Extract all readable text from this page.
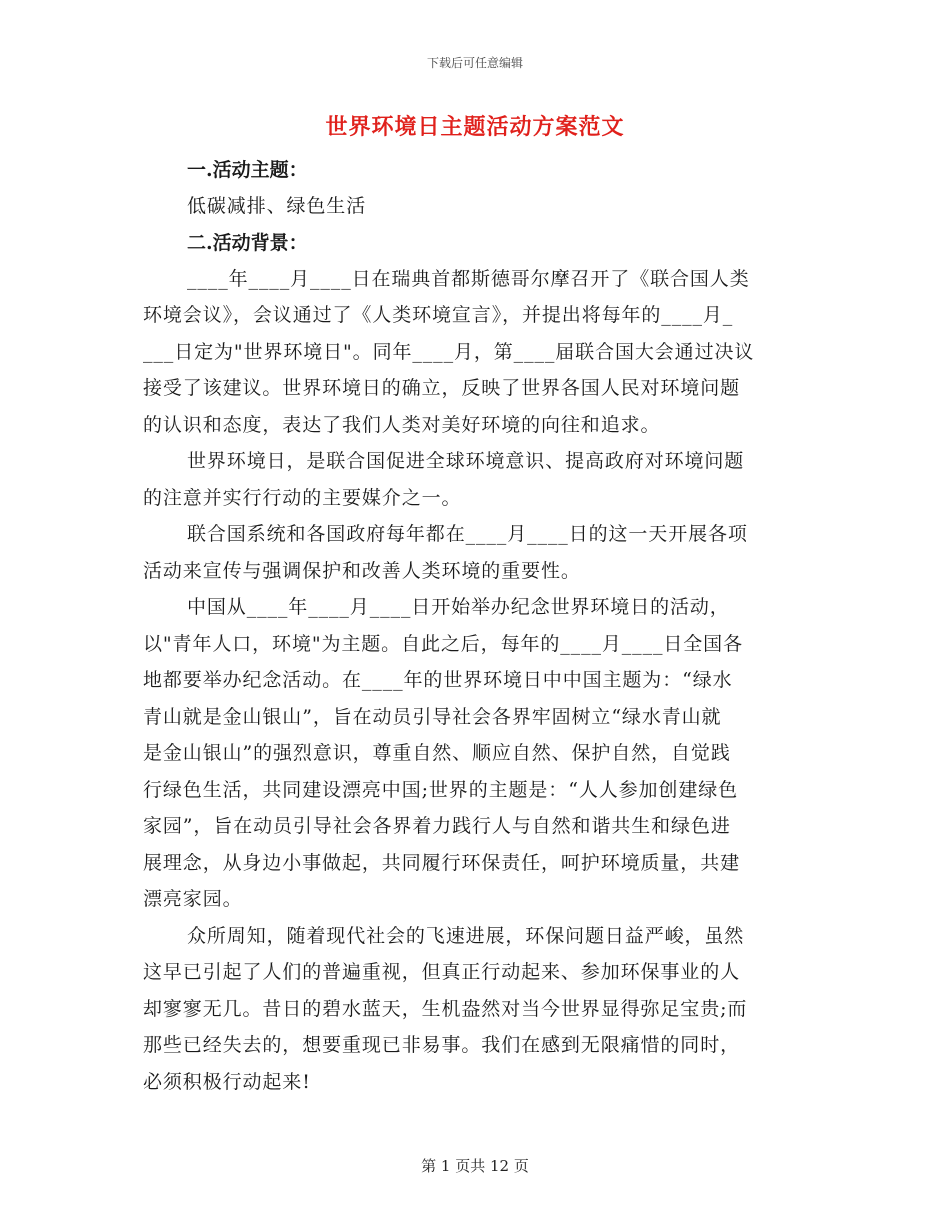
下载后可任意编辑
世界环境日主题活动方案范文

一.活动主题：

低碳减排、绿色生活

二.活动背景：

____年____月____日在瑞典首都斯德哥尔摩召开了《联合国人类

环境会议》，会议通过了《人类环境宣言》，并提出将每年的____月_

___日定为"世界环境日"。同年____月，第____届联合国大会通过决议

接受了该建议。世界环境日的确立，反映了世界各国人民对环境问题

的认识和态度，表达了我们人类对美好环境的向往和追求。

世界环境日，是联合国促进全球环境意识、提高政府对环境问题

的注意并实行行动的主要媒介之一。

联合国系统和各国政府每年都在____月____日的这一天开展各项

活动来宣传与强调保护和改善人类环境的重要性。

中国从____年____月____日开始举办纪念世界环境日的活动，

以"青年人口，环境"为主题。自此之后，每年的____月____日全国各

地都要举办纪念活动。在____年的世界环境日中中国主题为：“绿水

青山就是金山银山”，旨在动员引导社会各界牢固树立“绿水青山就

是金山银山”的强烈意识，尊重自然、顺应自然、保护自然，自觉践

行绿色生活，共同建设漂亮中国;世界的主题是：“人人参加创建绿色

家园”，旨在动员引导社会各界着力践行人与自然和谐共生和绿色进

展理念，从身边小事做起，共同履行环保责任，呵护环境质量，共建

漂亮家园。

众所周知，随着现代社会的飞速进展，环保问题日益严峻，虽然

这早已引起了人们的普遍重视，但真正行动起来、参加环保事业的人

却寥寥无几。昔日的碧水蓝天，生机盎然对当今世界显得弥足宝贵;而

那些已经失去的，想要重现已非易事。我们在感到无限痛惜的同时，

必须积极行动起来!

第 1 页共 12 页
